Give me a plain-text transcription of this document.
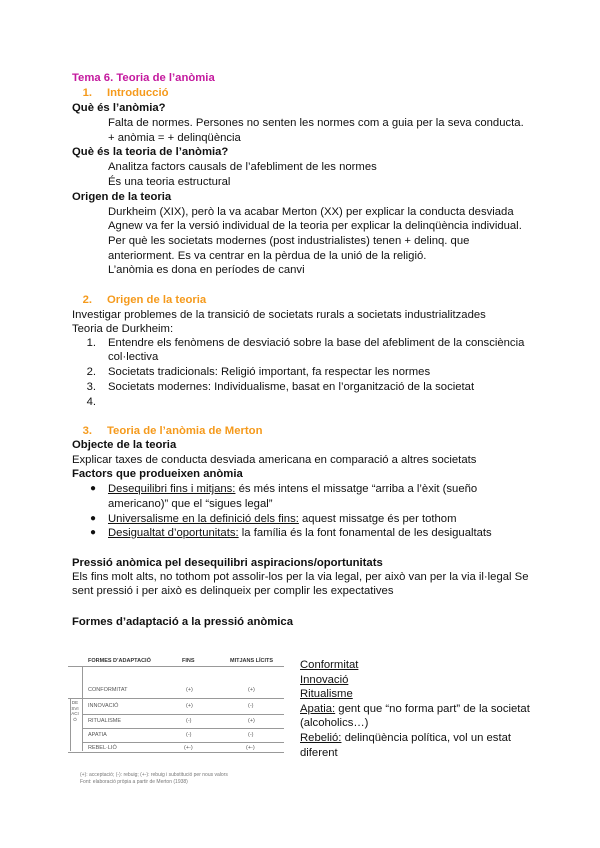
Tema 6. Teoria de l’anòmia
1. Introducció
Què és l’anòmia?
Falta de normes. Persones no senten les normes com a guia per la seva conducta.
+ anòmia = + delinqüència
Què és la teoria de l’anòmia?
Analitza factors causals de l’afebliment de les normes
És una teoria estructural
Origen de la teoria
Durkheim (XIX), però la va acabar Merton (XX) per explicar la conducta desviada
Agnew va fer la versió individual de la teoria per explicar la delinqüència individual.
Per què les societats modernes (post industrialistes) tenen + delinq. que
anteriorment. Es va centrar en la pèrdua de la unió de la religió.
L’anòmia es dona en períodes de canvi
2. Origen de la teoria
Investigar problemes de la transició de societats rurals a societats industrialitzades
Teoria de Durkheim:
1. Entendre els fenòmens de desviació sobre la base del afebliment de la consciència
col·lectiva
2. Societats tradicionals: Religió important, fa respectar les normes
3. Societats modernes: Individualisme, basat en l’organització de la societat
4.
3. Teoria de l’anòmia de Merton
Objecte de la teoria
Explicar taxes de conducta desviada americana en comparació a altres societats
Factors que produeixen anòmia
● Desequilibri fins i mitjans: és més intens el missatge “arriba a l’èxit (sueño
americano)” que el “sigues legal”
● Universalisme en la definició dels fins: aquest missatge és per tothom
● Desigualtat d’oportunitats: la família és la font fonamental de les desigualtats
Pressió anòmica pel desequilibri aspiracions/oportunitats
Els fins molt alts, no tothom pot assolir-los per la via legal, per això van per la via il·legal Se
sent pressió i per això es delinqueix per complir les expectatives
Formes d’adaptació a la pressió anòmica
FORMES D’ADAPTACIÓ	FINS	MITJANS LÍCITS
DESVIACIÓ
CONFORMITAT	(+)	(+)
INNOVACIÓ	(+)	(-)
RITUALISME	(-)	(+)
APATIA	(-)	(-)
REBEL·LIÓ	(+-)	(+-)
(+): acceptació; (-): rebuig; (+-): rebuig i substitució per nous valors
Font: elaboració pròpia a partir de Merton (1938)
Conformitat
Innovació
Ritualisme
Apatia: gent que “no forma part” de la societat
(alcoholics…)
Rebelió: delinqüència política, vol un estat
diferent
